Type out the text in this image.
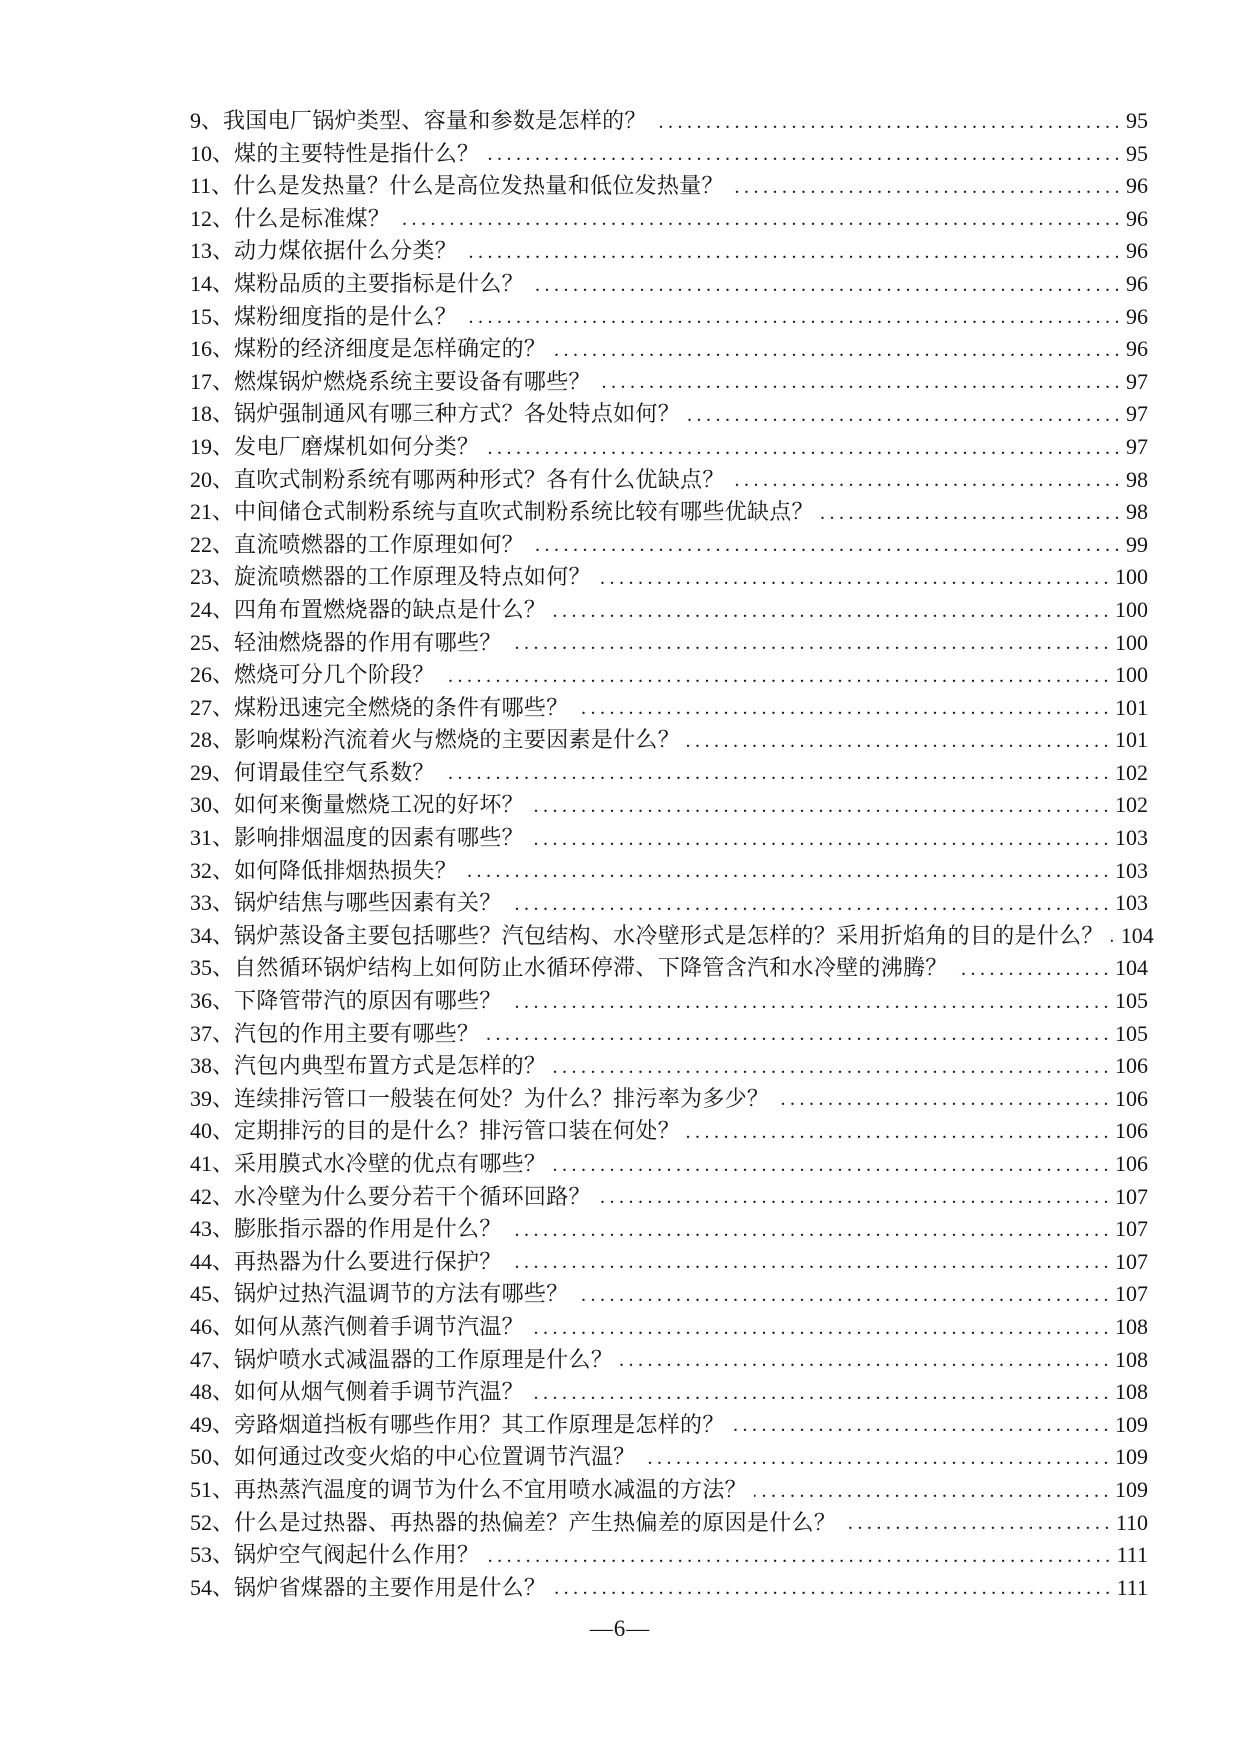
9、 我国电厂锅炉类型、容量和参数是怎样的？ .....	95
10、 煤的主要特性是指什么？ .....	95
11、 什么是发热量？什么是高位发热量和低位发热量？ .....	96
12、 什么是标准煤？ .....	96
13、 动力煤依据什么分类？ .....	96
14、 煤粉品质的主要指标是什么？ .....	96
15、 煤粉细度指的是什么？ .....	96
16、 煤粉的经济细度是怎样确定的？ .....	96
17、 燃煤锅炉燃烧系统主要设备有哪些？ .....	97
18、 锅炉强制通风有哪三种方式？各处特点如何？ .....	97
19、 发电厂磨煤机如何分类？ .....	97
20、 直吹式制粉系统有哪两种形式？各有什么优缺点？ .....	98
21、 中间储仓式制粉系统与直吹式制粉系统比较有哪些优缺点？ .....	98
22、 直流喷燃器的工作原理如何？ .....	99
23、 旋流喷燃器的工作原理及特点如何？ .....	100
24、 四角布置燃烧器的缺点是什么？ .....	100
25、 轻油燃烧器的作用有哪些？ .....	100
26、 燃烧可分几个阶段？ .....	100
27、 煤粉迅速完全燃烧的条件有哪些？ .....	101
28、 影响煤粉汽流着火与燃烧的主要因素是什么？ .....	101
29、 何谓最佳空气系数？ .....	102
30、 如何来衡量燃烧工况的好坏？ .....	102
31、 影响排烟温度的因素有哪些？ .....	103
32、 如何降低排烟热损失？ .....	103
33、 锅炉结焦与哪些因素有关？ .....	103
34、 锅炉蒸设备主要包括哪些？汽包结构、水冷壁形式是怎样的？采用折焰角的目的是什么？ ..... 104
35、 自然循环锅炉结构上如何防止水循环停滞、下降管含汽和水冷壁的沸腾？ .....	104
36、 下降管带汽的原因有哪些？ .....	105
37、 汽包的作用主要有哪些？ .....	105
38、 汽包内典型布置方式是怎样的？ .....	106
39、 连续排污管口一般装在何处？为什么？排污率为多少？ .....	106
40、 定期排污的目的是什么？排污管口装在何处？ .....	106
41、 采用膜式水冷壁的优点有哪些？ .....	106
42、 水冷壁为什么要分若干个循环回路？ .....	107
43、 膨胀指示器的作用是什么？ .....	107
44、 再热器为什么要进行保护？ .....	107
45、 锅炉过热汽温调节的方法有哪些？ .....	107
46、 如何从蒸汽侧着手调节汽温？ .....	108
47、 锅炉喷水式减温器的工作原理是什么？ .....	108
48、 如何从烟气侧着手调节汽温？ .....	108
49、 旁路烟道挡板有哪些作用？其工作原理是怎样的？ .....	109
50、 如何通过改变火焰的中心位置调节汽温？ .....	109
51、 再热蒸汽温度的调节为什么不宜用喷水减温的方法？ .....	109
52、 什么是过热器、再热器的热偏差？产生热偏差的原因是什么？ .....	110
53、 锅炉空气阀起什么作用？ .....	111
54、 锅炉省煤器的主要作用是什么？ .....	111
—6—
